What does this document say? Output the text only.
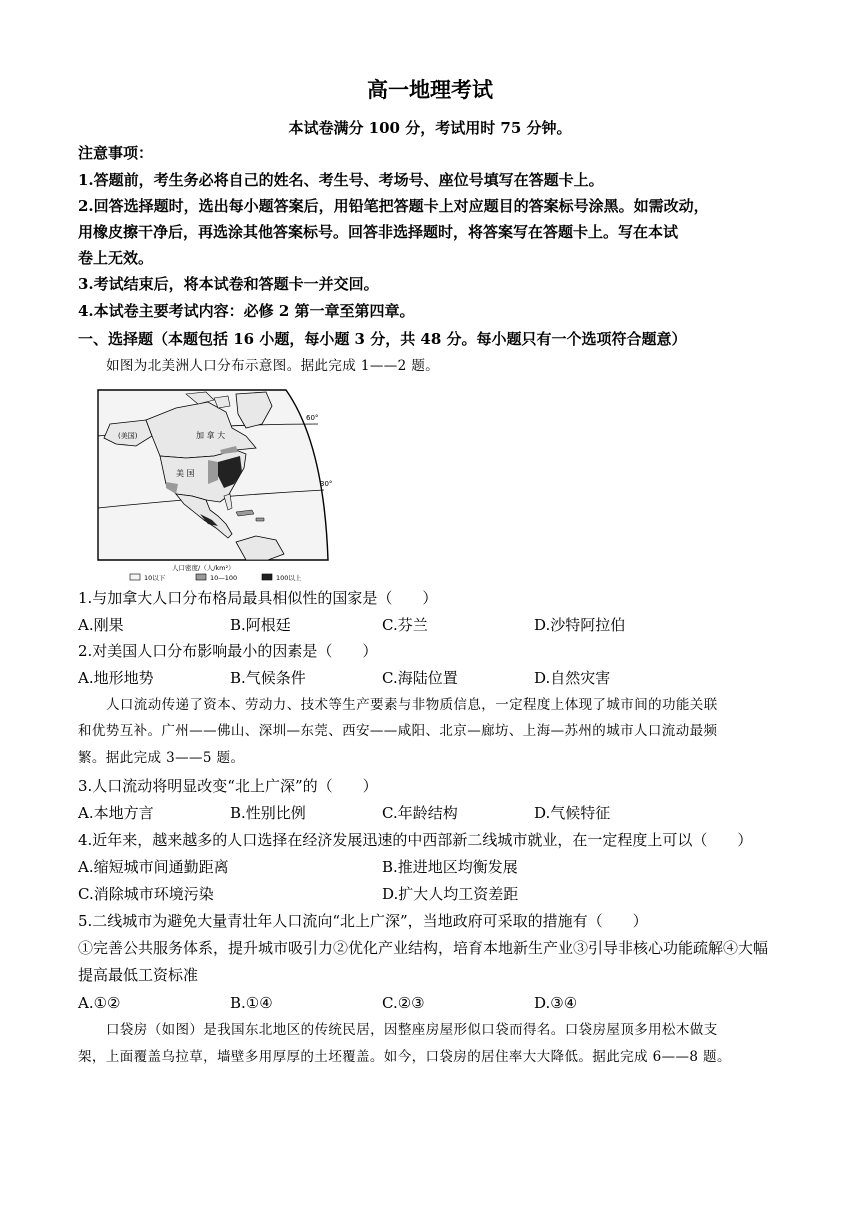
高一地理考试
本试卷满分 100 分，考试用时 75 分钟。
注意事项：
1.答题前，考生务必将自己的姓名、考生号、考场号、座位号填写在答题卡上。
2.回答选择题时，选出每小题答案后，用铅笔把答题卡上对应题目的答案标号涂黑。如需改动，
用橡皮擦干净后，再选涂其他答案标号。回答非选择题时，将答案写在答题卡上。写在本试
卷上无效。
3.考试结束后，将本试卷和答题卡一并交回。
4.本试卷主要考试内容：必修 2 第一章至第四章。
一、选择题（本题包括 16 小题，每小题 3 分，共 48 分。每小题只有一个选项符合题意）
如图为北美洲人口分布示意图。据此完成 1——2 题。
60°
30°
(美国)	加 拿 大
美 国
人口密度/（人/km²）
10以下	10—100	100以上
1.与加拿大人口分布格局最具相似性的国家是（　　）
A.刚果	B.阿根廷	C.芬兰	D.沙特阿拉伯
2.对美国人口分布影响最小的因素是（　　）
A.地形地势	B.气候条件	C.海陆位置	D.自然灾害
人口流动传递了资本、劳动力、技术等生产要素与非物质信息，一定程度上体现了城市间的功能关联
和优势互补。广州——佛山、深圳—东莞、西安——咸阳、北京—廊坊、上海—苏州的城市人口流动最频
繁。据此完成 3——5 题。
3.人口流动将明显改变“北上广深”的（　　）
A.本地方言	B.性别比例	C.年龄结构	D.气候特征
4.近年来，越来越多的人口选择在经济发展迅速的中西部新二线城市就业，在一定程度上可以（　　）
A.缩短城市间通勤距离	B.推进地区均衡发展
C.消除城市环境污染	D.扩大人均工资差距
5.二线城市为避免大量青壮年人口流向“北上广深”，当地政府可采取的措施有（　　）
①完善公共服务体系，提升城市吸引力②优化产业结构，培育本地新生产业③引导非核心功能疏解④大幅
提高最低工资标准
A.①②	B.①④	C.②③	D.③④
口袋房（如图）是我国东北地区的传统民居，因整座房屋形似口袋而得名。口袋房屋顶多用松木做支
架，上面覆盖乌拉草，墙壁多用厚厚的土坯覆盖。如今，口袋房的居住率大大降低。据此完成 6——8 题。
